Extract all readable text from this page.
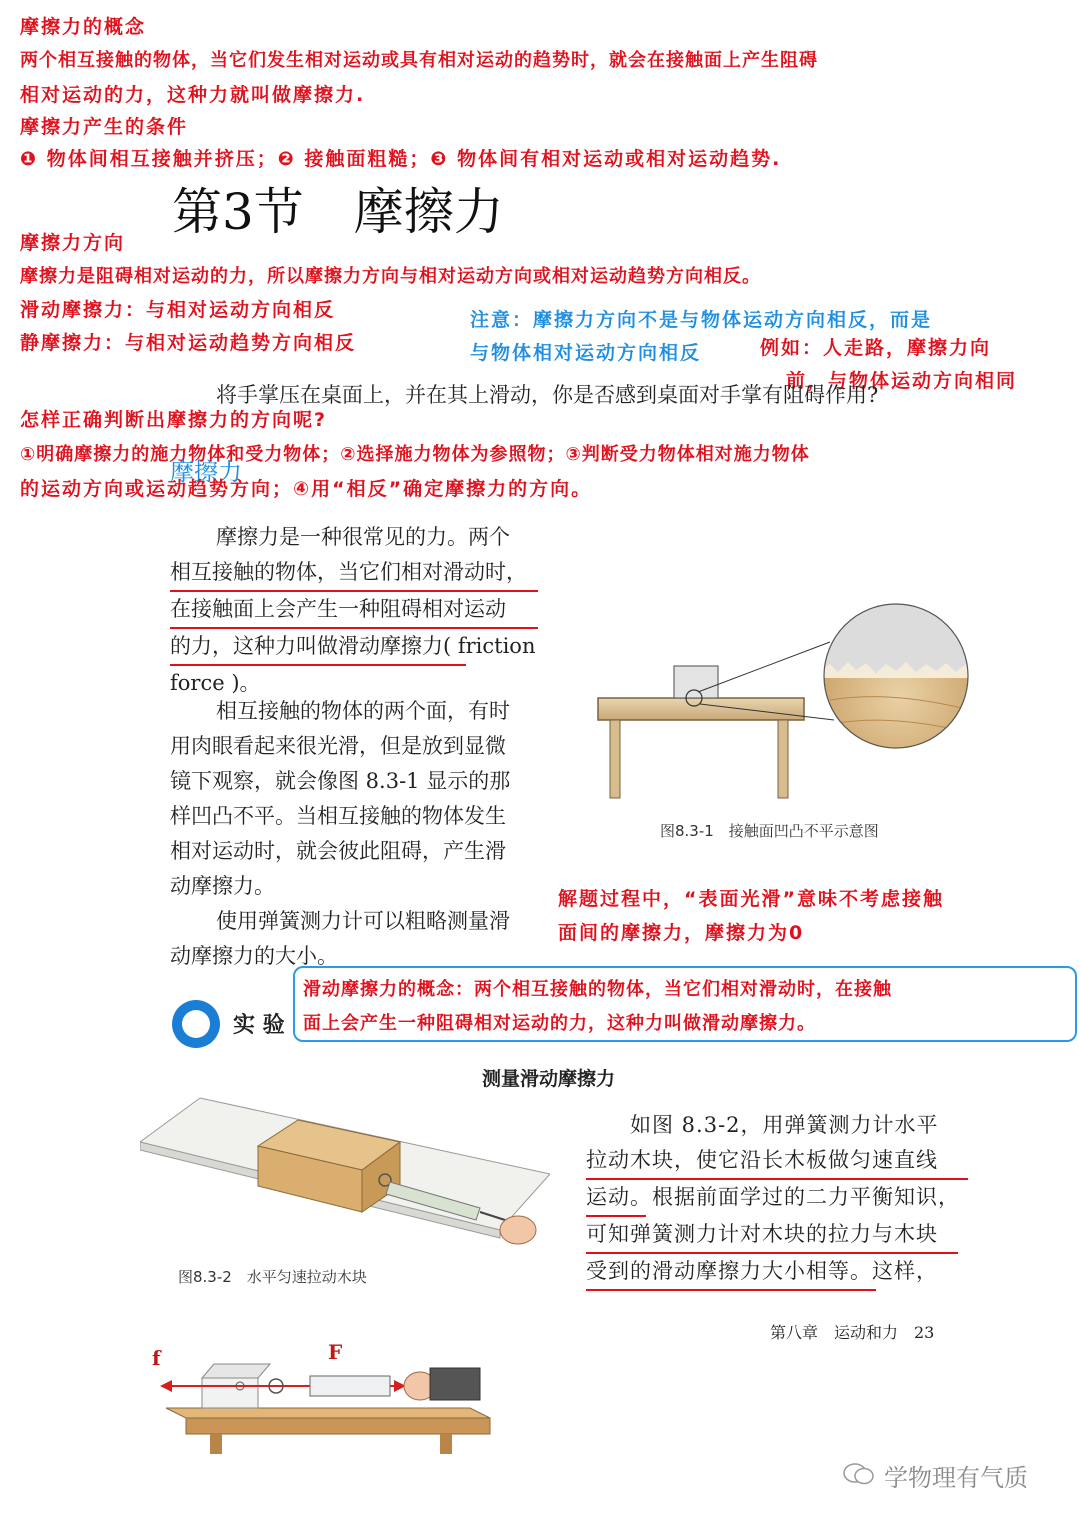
摩擦力的概念
两个相互接触的物体，当它们发生相对运动或具有相对运动的趋势时，就会在接触面上产生阻碍
相对运动的力，这种力就叫做摩擦力.
摩擦力产生的条件
❶ 物体间相互接触并挤压；❷ 接触面粗糙；❸ 物体间有相对运动或相对运动趋势.
第3节　摩擦力
摩擦力方向
摩擦力是阻碍相对运动的力，所以摩擦力方向与相对运动方向或相对运动趋势方向相反。
滑动摩擦力：与相对运动方向相反
静摩擦力：与相对运动趋势方向相反
注意：摩擦力方向不是与物体运动方向相反，而是
与物体相对运动方向相反	例如：人走路，摩擦力向
前，与物体运动方向相同
将手掌压在桌面上，并在其上滑动，你是否感到桌面对手掌有阻碍作用?
怎样正确判断出摩擦力的方向呢?
①明确摩擦力的施力物体和受力物体；②选择施力物体为参照物；③判断受力物体相对施力物体
摩擦力
的运动方向或运动趋势方向；④用“相反”确定摩擦力的方向。
摩擦力是一种很常见的力。两个
相互接触的物体，当它们相对滑动时，
在接触面上会产生一种阻碍相对运动
的力，这种力叫做滑动摩擦力( friction
force )。
相互接触的物体的两个面，有时
用肉眼看起来很光滑，但是放到显微
镜下观察，就会像图 8.3-1 显示的那
样凹凸不平。当相互接触的物体发生
相对运动时，就会彼此阻碍，产生滑
动摩擦力。
使用弹簧测力计可以粗略测量滑
动摩擦力的大小。
图8.3-1　接触面凹凸不平示意图
解题过程中，“表面光滑”意味不考虑接触
面间的摩擦力，摩擦力为0
实 验
滑动摩擦力的概念：两个相互接触的物体，当它们相对滑动时，在接触
面上会产生一种阻碍相对运动的力，这种力叫做滑动摩擦力。
测量滑动摩擦力
图8.3-2　水平匀速拉动木块
如图 8.3-2，用弹簧测力计水平
拉动木块，使它沿长木板做匀速直线
运动。根据前面学过的二力平衡知识，
可知弹簧测力计对木块的拉力与木块
受到的滑动摩擦力大小相等。这样，
第八章　运动和力　23
f	F
学物理有气质
